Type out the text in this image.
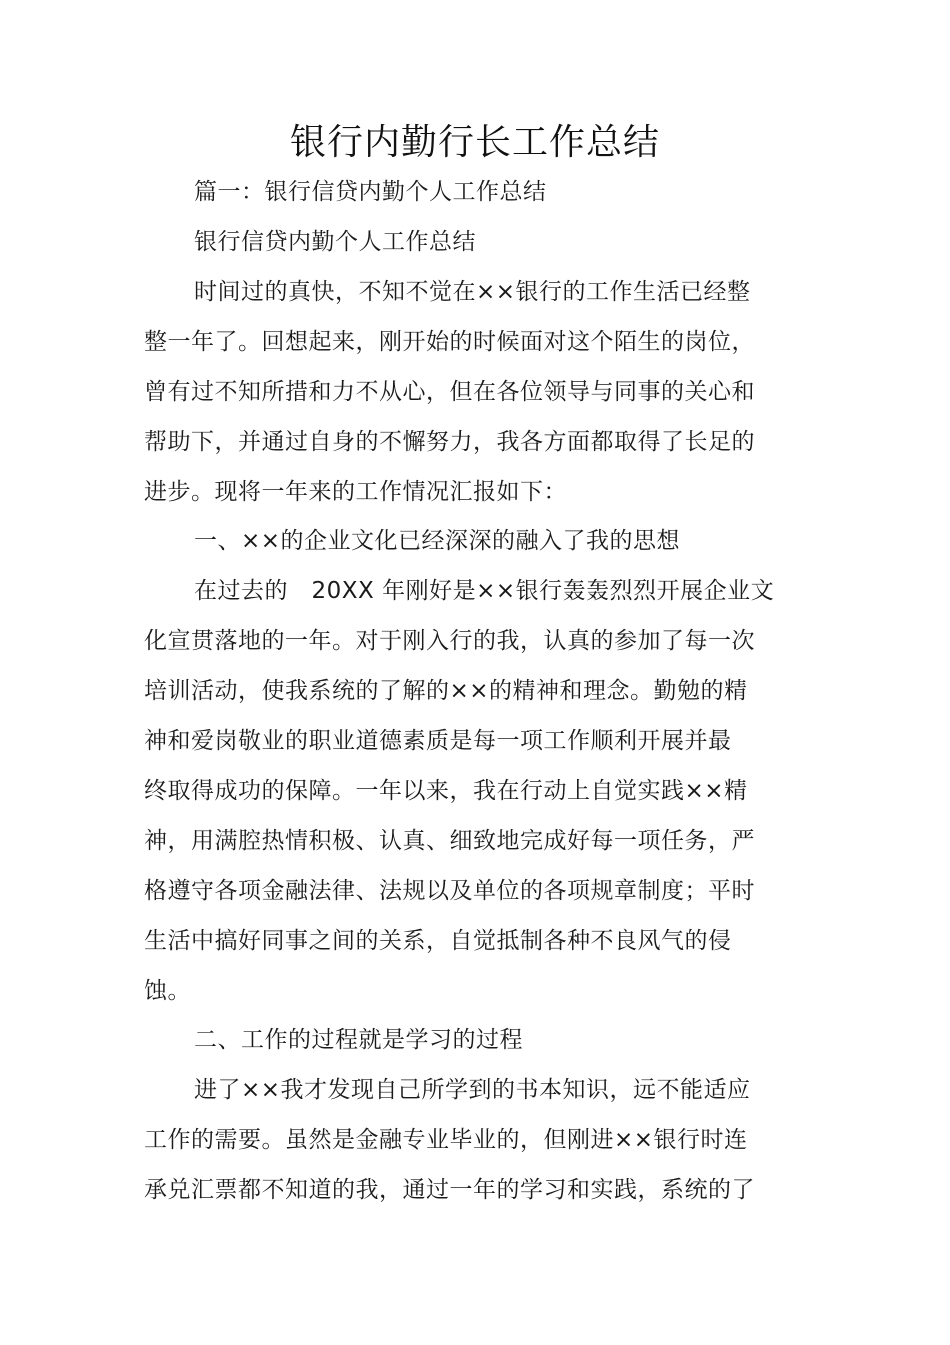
银行内勤行长工作总结
篇一：银行信贷内勤个人工作总结
银行信贷内勤个人工作总结
时间过的真快，不知不觉在××银行的工作生活已经整
整一年了。回想起来，刚开始的时候面对这个陌生的岗位，
曾有过不知所措和力不从心，但在各位领导与同事的关心和
帮助下，并通过自身的不懈努力，我各方面都取得了长足的
进步。现将一年来的工作情况汇报如下：
一、××的企业文化已经深深的融入了我的思想
在过去的　20XX 年刚好是××银行轰轰烈烈开展企业文
化宣贯落地的一年。对于刚入行的我，认真的参加了每一次
培训活动，使我系统的了解的××的精神和理念。勤勉的精
神和爱岗敬业的职业道德素质是每一项工作顺利开展并最
终取得成功的保障。一年以来，我在行动上自觉实践××精
神，用满腔热情积极、认真、细致地完成好每一项任务，严
格遵守各项金融法律、法规以及单位的各项规章制度；平时
生活中搞好同事之间的关系，自觉抵制各种不良风气的侵
蚀。
二、工作的过程就是学习的过程
进了××我才发现自己所学到的书本知识，远不能适应
工作的需要。虽然是金融专业毕业的，但刚进××银行时连
承兑汇票都不知道的我，通过一年的学习和实践，系统的了
